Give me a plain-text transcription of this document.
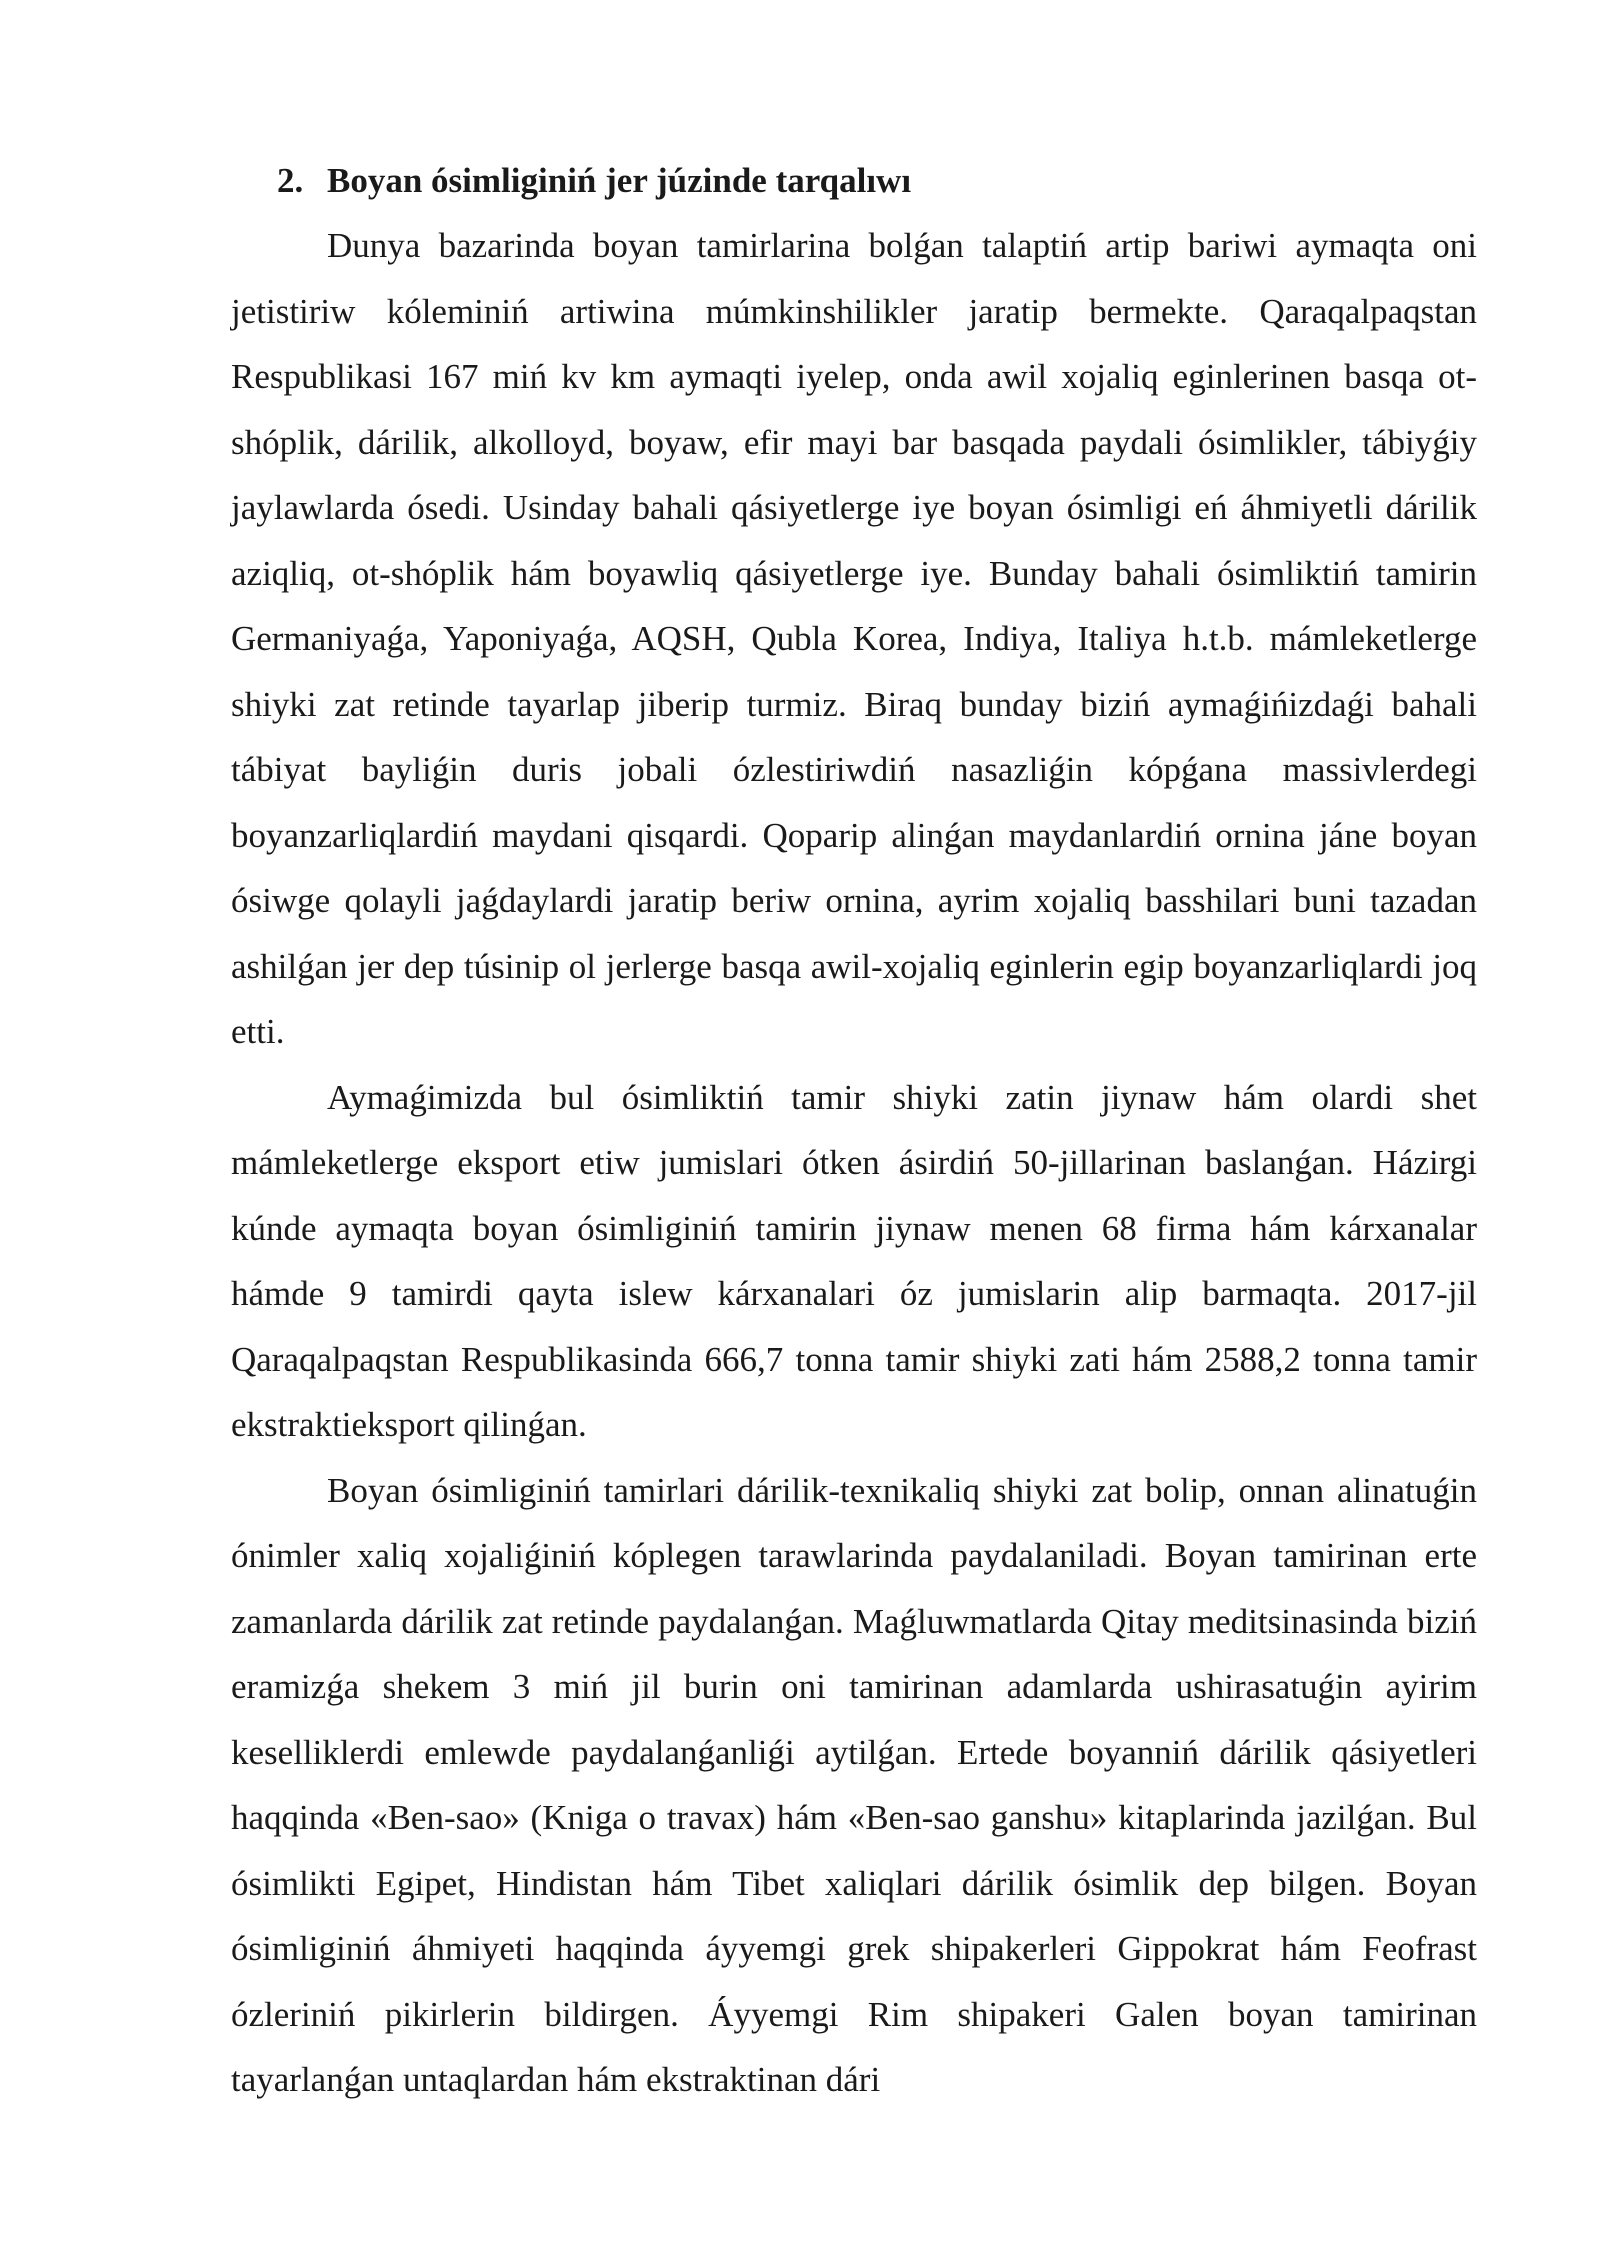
2. Boyan ósimliginiń jer júzinde tarqalıwı

Dunya bazarinda boyan tamirlarina bolǵan talaptiń artip bariwi aymaqta oni jetistiriw kóleminiń artiwina múmkinshilikler jaratip bermekte. Qaraqalpaqstan Respublikasi 167 miń kv km aymaqti iyelep, onda awil xojaliq eginlerinen basqa ot-shóplik, dárilik, alkolloyd, boyaw, efir mayi bar basqada paydali ósimlikler, tábiyǵiy jaylawlarda ósedi. Usinday bahali qásiyetlerge iye boyan ósimligi eń áhmiyetli dárilik aziqliq, ot-shóplik hám boyawliq qásiyetlerge iye. Bunday bahali ósimliktiń tamirin Germaniyaǵa, Yaponiyaǵa, AQSH, Qubla Korea, Indiya, Italiya h.t.b. mámleketlerge shiyki zat retinde tayarlap jiberip turmiz. Biraq bunday biziń aymaǵińizdaǵi bahali tábiyat bayliǵin duris jobali ózlestiriwdiń nasazliǵin kópǵana massivlerdegi boyanzarliqlardiń maydani qisqardi. Qoparip alinǵan maydanlardiń ornina jáne boyan ósiwge qolayli jaǵdaylardi jaratip beriw ornina, ayrim xojaliq basshilari buni tazadan ashilǵan jer dep túsinip ol jerlerge basqa awil-xojaliq eginlerin egip boyanzarliqlardi joq etti.

Aymaǵimizda bul ósimliktiń tamir shiyki zatin jiynaw hám olardi shet mámleketlerge eksport etiw jumislari ótken ásirdiń 50-jillarinan baslanǵan. Házirgi kúnde aymaqta boyan ósimliginiń tamirin jiynaw menen 68 firma hám kárxanalar hámde 9 tamirdi qayta islew kárxanalari óz jumislarin alip barmaqta. 2017-jil Qaraqalpaqstan Respublikasinda 666,7 tonna tamir shiyki zati hám 2588,2 tonna tamir ekstraktieksport qilinǵan.

Boyan ósimliginiń tamirlari dárilik-texnikaliq shiyki zat bolip, onnan alinatuǵin ónimler xaliq xojaliǵiniń kóplegen tarawlarinda paydalaniladi. Boyan tamirinan erte zamanlarda dárilik zat retinde paydalanǵan. Maǵluwmatlarda Qitay meditsinasinda biziń eramizǵa shekem 3 miń jil burin oni tamirinan adamlarda ushirasatuǵin ayirim keselliklerdi emlewde paydalanǵanliǵi aytilǵan. Ertede boyanniń dárilik qásiyetleri haqqinda «Ben-sao» (Kniga o travax) hám «Ben-sao ganshu» kitaplarinda jazilǵan. Bul ósimlikti Egipet, Hindistan hám Tibet xaliqlari dárilik ósimlik dep bilgen. Boyan ósimliginiń áhmiyeti haqqinda áyyemgi grek shipakerleri Gippokrat hám Feofrast ózleriniń pikirlerin bildirgen. Áyyemgi Rim shipakeri Galen boyan tamirinan tayarlanǵan untaqlardan hám ekstraktinan dári
